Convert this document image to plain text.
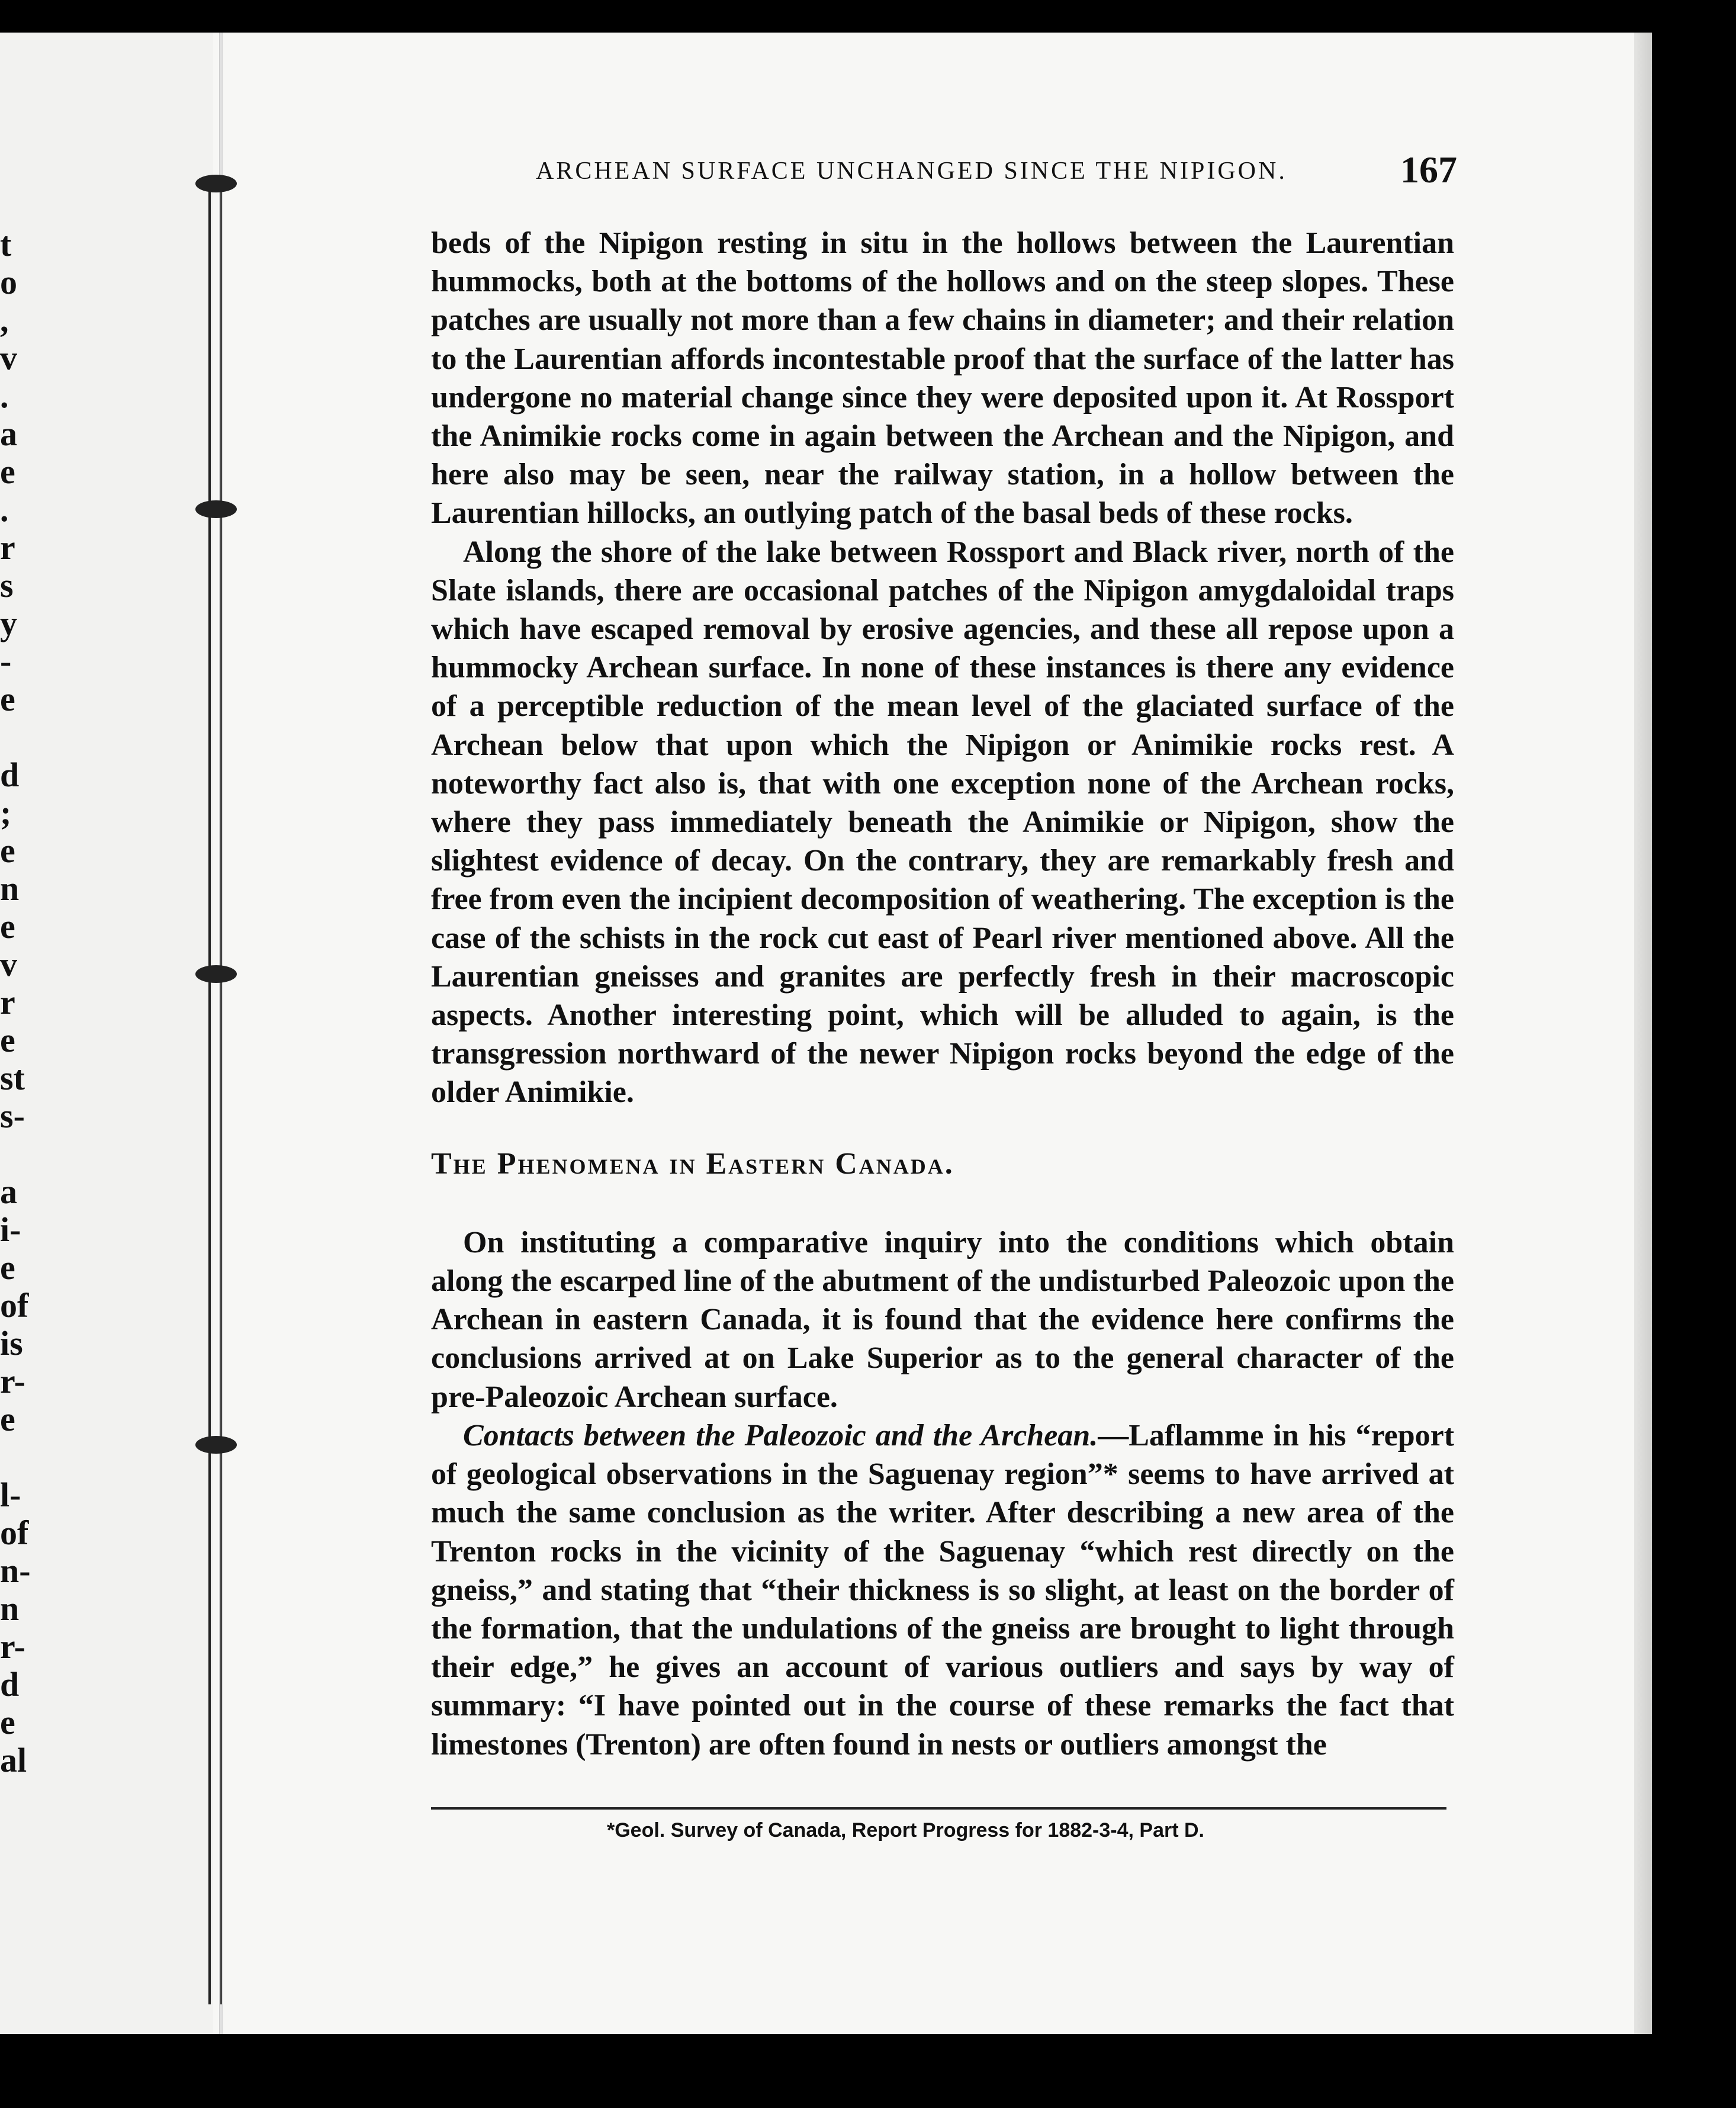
t
o
,
v
.
a
e
.
r
s
y
-
e
d
;
e
n
e
v
r
e
st
s-
a
i-
e
of
is
r-
e
l-
of
n-
n
r-
d
e
al
ARCHEAN SURFACE UNCHANGED SINCE THE NIPIGON.	167

beds of the Nipigon resting in situ in the hollows between the Laurentian hummocks, both at the bottoms of the hollows and on the steep slopes. These patches are usually not more than a few chains in diameter; and their relation to the Laurentian affords incontestable proof that the surface of the latter has undergone no material change since they were deposited upon it. At Rossport the Animikie rocks come in again between the Archean and the Nipigon, and here also may be seen, near the railway station, in a hollow between the Laurentian hillocks, an outlying patch of the basal beds of these rocks.

Along the shore of the lake between Rossport and Black river, north of the Slate islands, there are occasional patches of the Nipigon amygdaloidal traps which have escaped removal by erosive agencies, and these all repose upon a hummocky Archean surface. In none of these instances is there any evidence of a perceptible reduction of the mean level of the glaciated surface of the Archean below that upon which the Nipigon or Animikie rocks rest. A noteworthy fact also is, that with one exception none of the Archean rocks, where they pass immediately beneath the Animikie or Nipigon, show the slightest evidence of decay. On the contrary, they are remarkably fresh and free from even the incipient decomposition of weathering. The exception is the case of the schists in the rock cut east of Pearl river mentioned above. All the Laurentian gneisses and granites are perfectly fresh in their macroscopic aspects. Another interesting point, which will be alluded to again, is the transgression northward of the newer Nipigon rocks beyond the edge of the older Animikie.

The Phenomena in Eastern Canada.

On instituting a comparative inquiry into the conditions which obtain along the escarped line of the abutment of the undisturbed Paleozoic upon the Archean in eastern Canada, it is found that the evidence here confirms the conclusions arrived at on Lake Superior as to the general character of the pre-Paleozoic Archean surface.

Contacts between the Paleozoic and the Archean.—Laflamme in his “report of geological observations in the Saguenay region”* seems to have arrived at much the same conclusion as the writer. After describing a new area of the Trenton rocks in the vicinity of the Saguenay “which rest directly on the gneiss,” and stating that “their thickness is so slight, at least on the border of the formation, that the undulations of the gneiss are brought to light through their edge,” he gives an account of various outliers and says by way of summary: “I have pointed out in the course of these remarks the fact that limestones (Trenton) are often found in nests or outliers amongst the

*Geol. Survey of Canada, Report Progress for 1882-3-4, Part D.
